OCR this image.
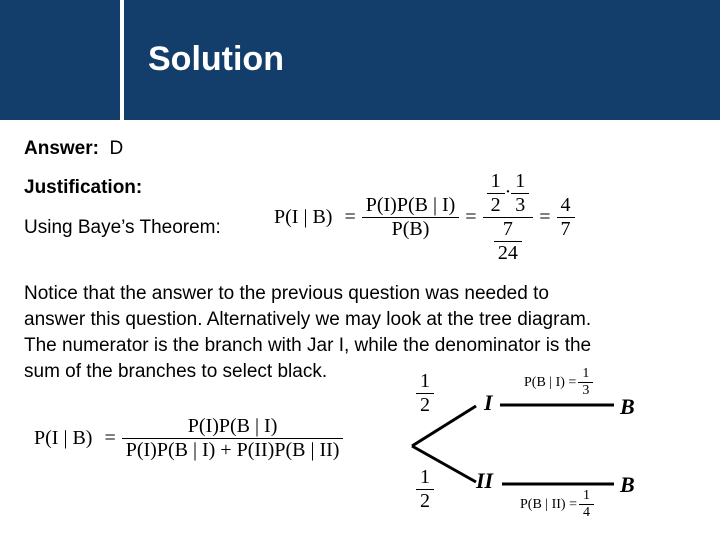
Solution
Answer: D
Justification:
Using Baye’s Theorem:	P(I | $B) = \frac{P(I)P(B | I)}{P(B)} = \frac{\frac{1}{2} \cdot \frac{1}{3}}{\frac{7}{24}} = \frac{4}{7}$
Notice that the answer to the previous question was needed to
answer this question. Alternatively we may look at the tree diagram.
The numerator is the branch with Jar I, while the denominator is the
sum of the branches to select black.
P(I | $B) = \frac{P(I)P(B | I)}{P(I)P(B | I) + P(II)P(B | II)}$
$\frac{1}{2}$
$\frac{1}{2}$
I
II
B
B
P(B | $I) = \frac{1}{3}$
P(B | $II) = \frac{1}{4}$
